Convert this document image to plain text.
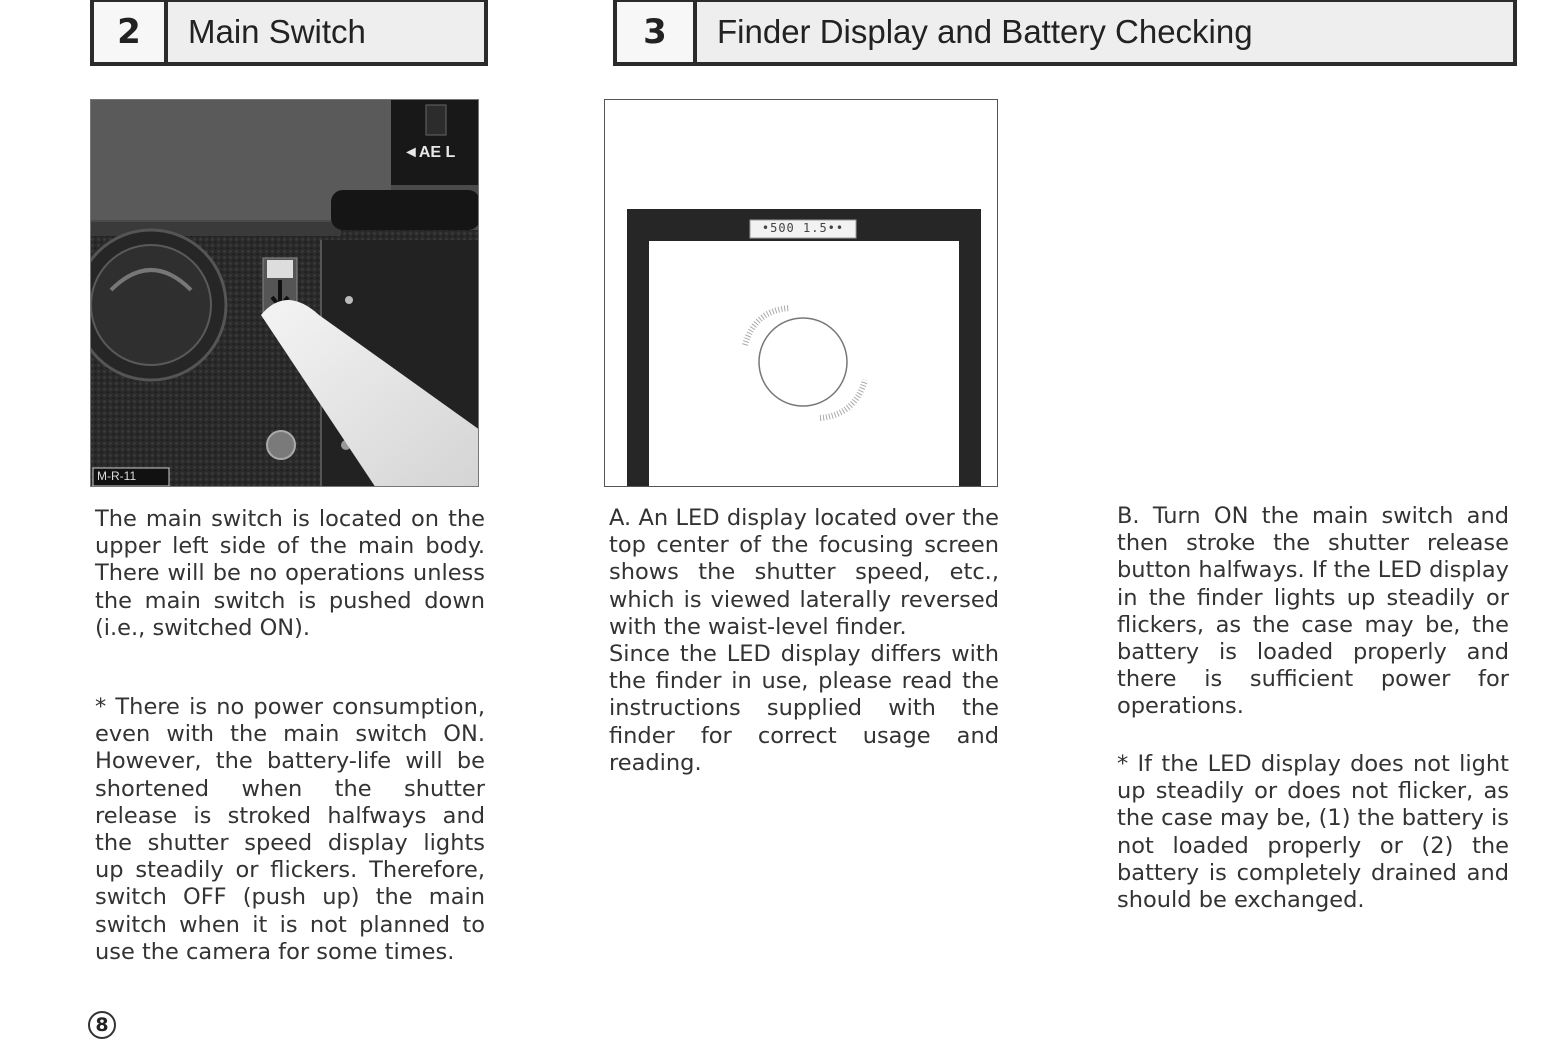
2	Main Switch	3	Finder Display and Battery Checking
◄AE L
M-R-11
•500 1.5••

The main switch is located on the upper left side of the main body. There will be no operations unless the main switch is pushed down (i.e., switched ON).

* There is no power consumption, even with the main switch ON. However, the battery-life will be shortened when the shutter release is stroked halfways and the shutter speed display lights up steadily or flickers. Therefore, switch OFF (push up) the main switch when it is not planned to use the camera for some times.

A. An LED display located over the top center of the focusing screen shows the shutter speed, etc., which is viewed laterally reversed with the waist-level finder.
Since the LED display differs with the finder in use, please read the instructions supplied with the finder for correct usage and reading.

B. Turn ON the main switch and then stroke the shutter release button halfways. If the LED display in the finder lights up steadily or flickers, as the case may be, the battery is loaded properly and there is sufficient power for operations.

* If the LED display does not light up steadily or does not flicker, as the case may be, (1) the battery is not loaded properly or (2) the battery is completely drained and should be exchanged.

8
